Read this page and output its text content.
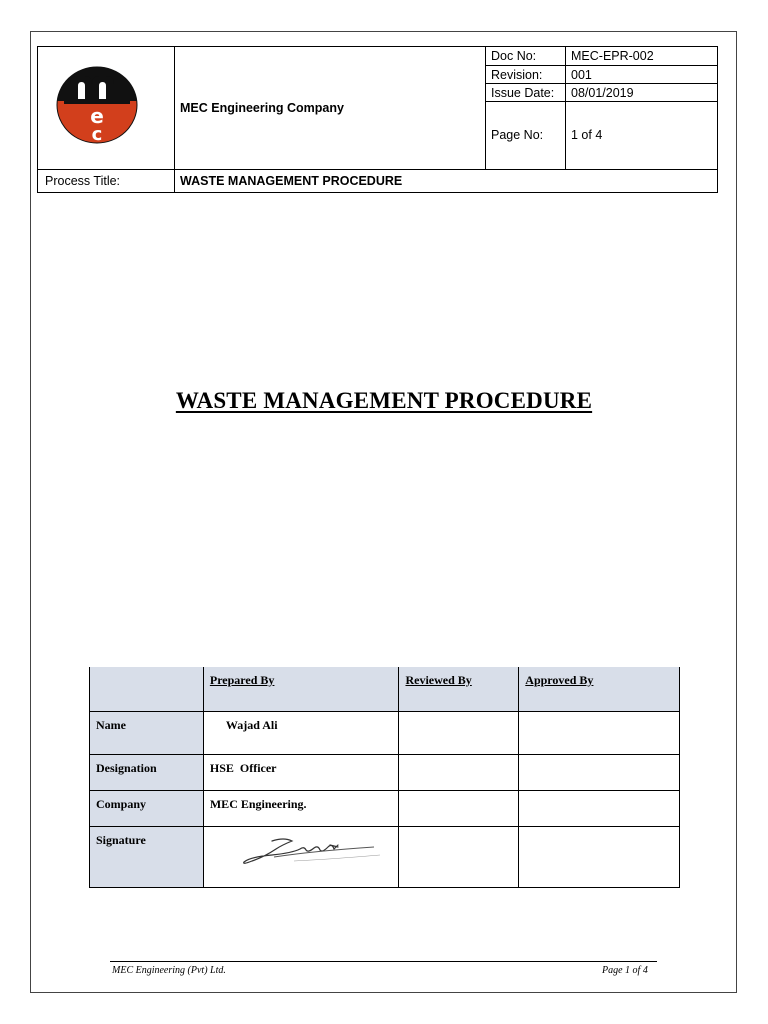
e
c
MEC Engineering Company
Doc No:	MEC-EPR-002
Revision: 001
Issue Date: 08/01/2019
Page No: 1 of 4
Process Title:	WASTE MANAGEMENT PROCEDURE
WASTE MANAGEMENT PROCEDURE
	Prepared By	Reviewed By	Approved By
Name	Wajad Ali		
Designation	HSE  Officer		
Company	MEC Engineering.		
Signature	

MEC Engineering (Pvt) Ltd.	Page 1 of 4
